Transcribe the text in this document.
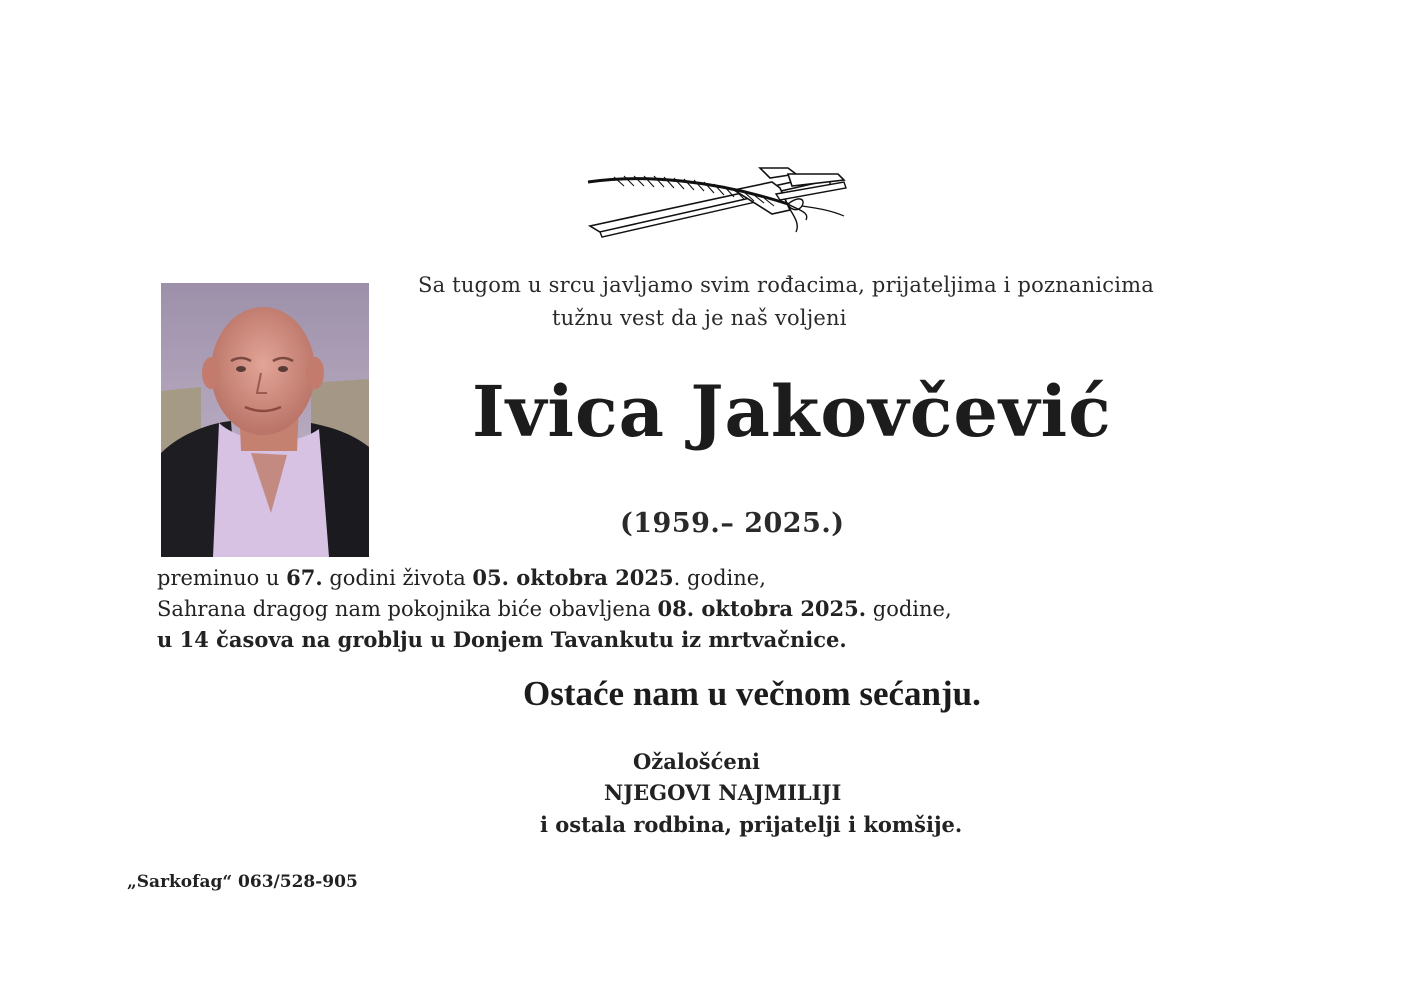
Sa tugom u srcu javljamo svim rođacima, prijateljima i poznanicima
tužnu vest da je naš voljeni
Ivica Jakovčević
(1959.– 2025.)
preminuo u 67. godini života 05. oktobra 2025. godine,
Sahrana dragog nam pokojnika biće obavljena 08. oktobra 2025. godine,
u 14 časova na groblju u Donjem Tavankutu iz mrtvačnice.
Ostaće nam u večnom sećanju.
Ožalošćeni
NJEGOVI NAJMILIJI
i ostala rodbina, prijatelji i komšije.
„Sarkofag“ 063/528-905
